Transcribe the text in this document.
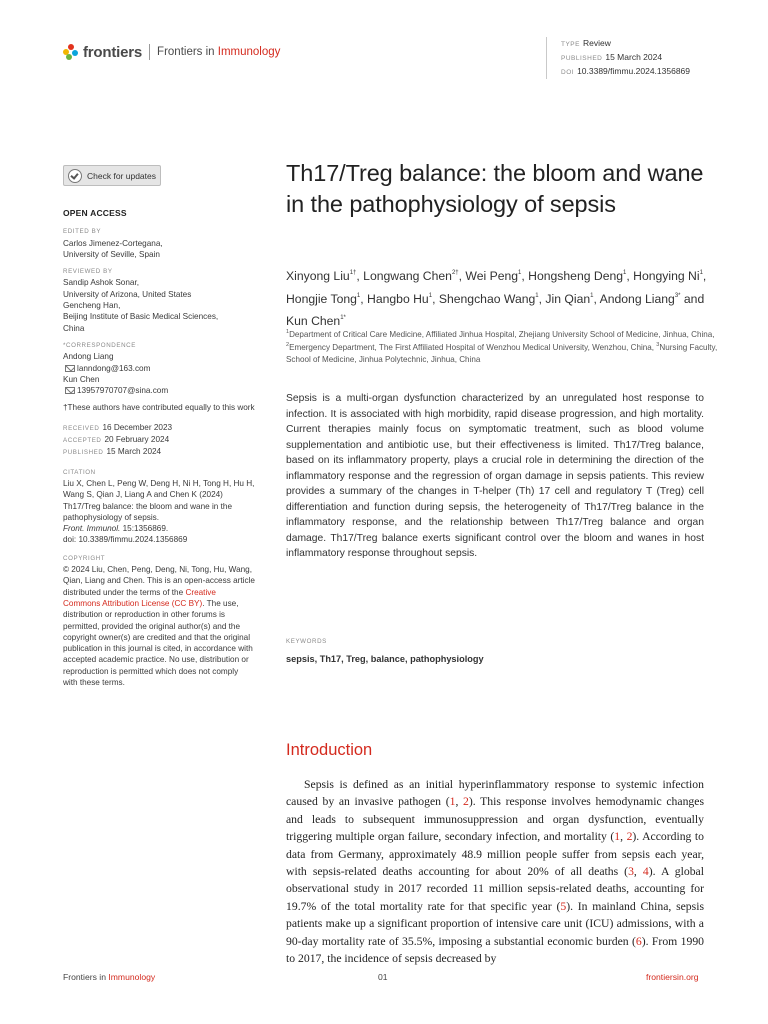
frontiers Frontiers in Immunology
TYPE Review
PUBLISHED 15 March 2024
DOI 10.3389/fimmu.2024.1356869
Check for updates
OPEN ACCESS
EDITED BY
Carlos Jimenez-Cortegana,
University of Seville, Spain
REVIEWED BY
Sandip Ashok Sonar,
University of Arizona, United States
Gencheng Han,
Beijing Institute of Basic Medical Sciences,
China
*CORRESPONDENCE
Andong Liang
lanndong@163.com
Kun Chen
13957970707@sina.com
†These authors have contributed equally to this work
RECEIVED 16 December 2023
ACCEPTED 20 February 2024
PUBLISHED 15 March 2024
CITATION
Liu X, Chen L, Peng W, Deng H, Ni H, Tong H, Hu H, Wang S, Qian J, Liang A and Chen K (2024) Th17/Treg balance: the bloom and wane in the pathophysiology of sepsis.
Front. Immunol. 15:1356869.
doi: 10.3389/fimmu.2024.1356869
COPYRIGHT
© 2024 Liu, Chen, Peng, Deng, Ni, Tong, Hu, Wang, Qian, Liang and Chen. This is an open-access article distributed under the terms of the Creative Commons Attribution License (CC BY). The use, distribution or reproduction in other forums is permitted, provided the original author(s) and the copyright owner(s) are credited and that the original publication in this journal is cited, in accordance with accepted academic practice. No use, distribution or reproduction is permitted which does not comply with these terms.
Th17/Treg balance: the bloom and wane in the pathophysiology of sepsis
Xinyong Liu$^{1\dagger}$, Longwang Chen$^{2\dagger}$, Wei Peng$^1$, Hongsheng Deng$^1$, Hongying Ni$^1$, Hongjie Tong$^1$, Hangbo Hu$^1$, Shengchao Wang$^1$, Jin Qian$^1$, Andong Liang$^{3*}$ and Kun Chen$^{1*}$
$^1$Department of Critical Care Medicine, Affiliated Jinhua Hospital, Zhejiang University School of Medicine, Jinhua, China, $^2$Emergency Department, The First Affiliated Hospital of Wenzhou Medical University, Wenzhou, China, $^3$Nursing Faculty, School of Medicine, Jinhua Polytechnic, Jinhua, China
Sepsis is a multi-organ dysfunction characterized by an unregulated host response to infection. It is associated with high morbidity, rapid disease progression, and high mortality. Current therapies mainly focus on symptomatic treatment, such as blood volume supplementation and antibiotic use, but their effectiveness is limited. Th17/Treg balance, based on its inflammatory property, plays a crucial role in determining the direction of the inflammatory response and the regression of organ damage in sepsis patients. This review provides a summary of the changes in T-helper (Th) 17 cell and regulatory T (Treg) cell differentiation and function during sepsis, the heterogeneity of Th17/Treg balance in the inflammatory response, and the relationship between Th17/Treg balance and organ damage. Th17/Treg balance exerts significant control over the bloom and wanes in host inflammatory response throughout sepsis.
KEYWORDS
sepsis, Th17, Treg, balance, pathophysiology
Introduction

Sepsis is defined as an initial hyperinflammatory response to systemic infection caused by an invasive pathogen (1, 2). This response involves hemodynamic changes and leads to subsequent immunosuppression and organ dysfunction, eventually triggering multiple organ failure, secondary infection, and mortality (1, 2). According to data from Germany, approximately 48.9 million people suffer from sepsis each year, with sepsis-related deaths accounting for about 20% of all deaths (3, 4). A global observational study in 2017 recorded 11 million sepsis-related deaths, accounting for 19.7% of the total mortality rate for that specific year (5). In mainland China, sepsis patients make up a significant proportion of intensive care unit (ICU) admissions, with a 90-day mortality rate of 35.5%, imposing a substantial economic burden (6). From 1990 to 2017, the incidence of sepsis decreased by

Frontiers in Immunology	01	frontiersin.org
